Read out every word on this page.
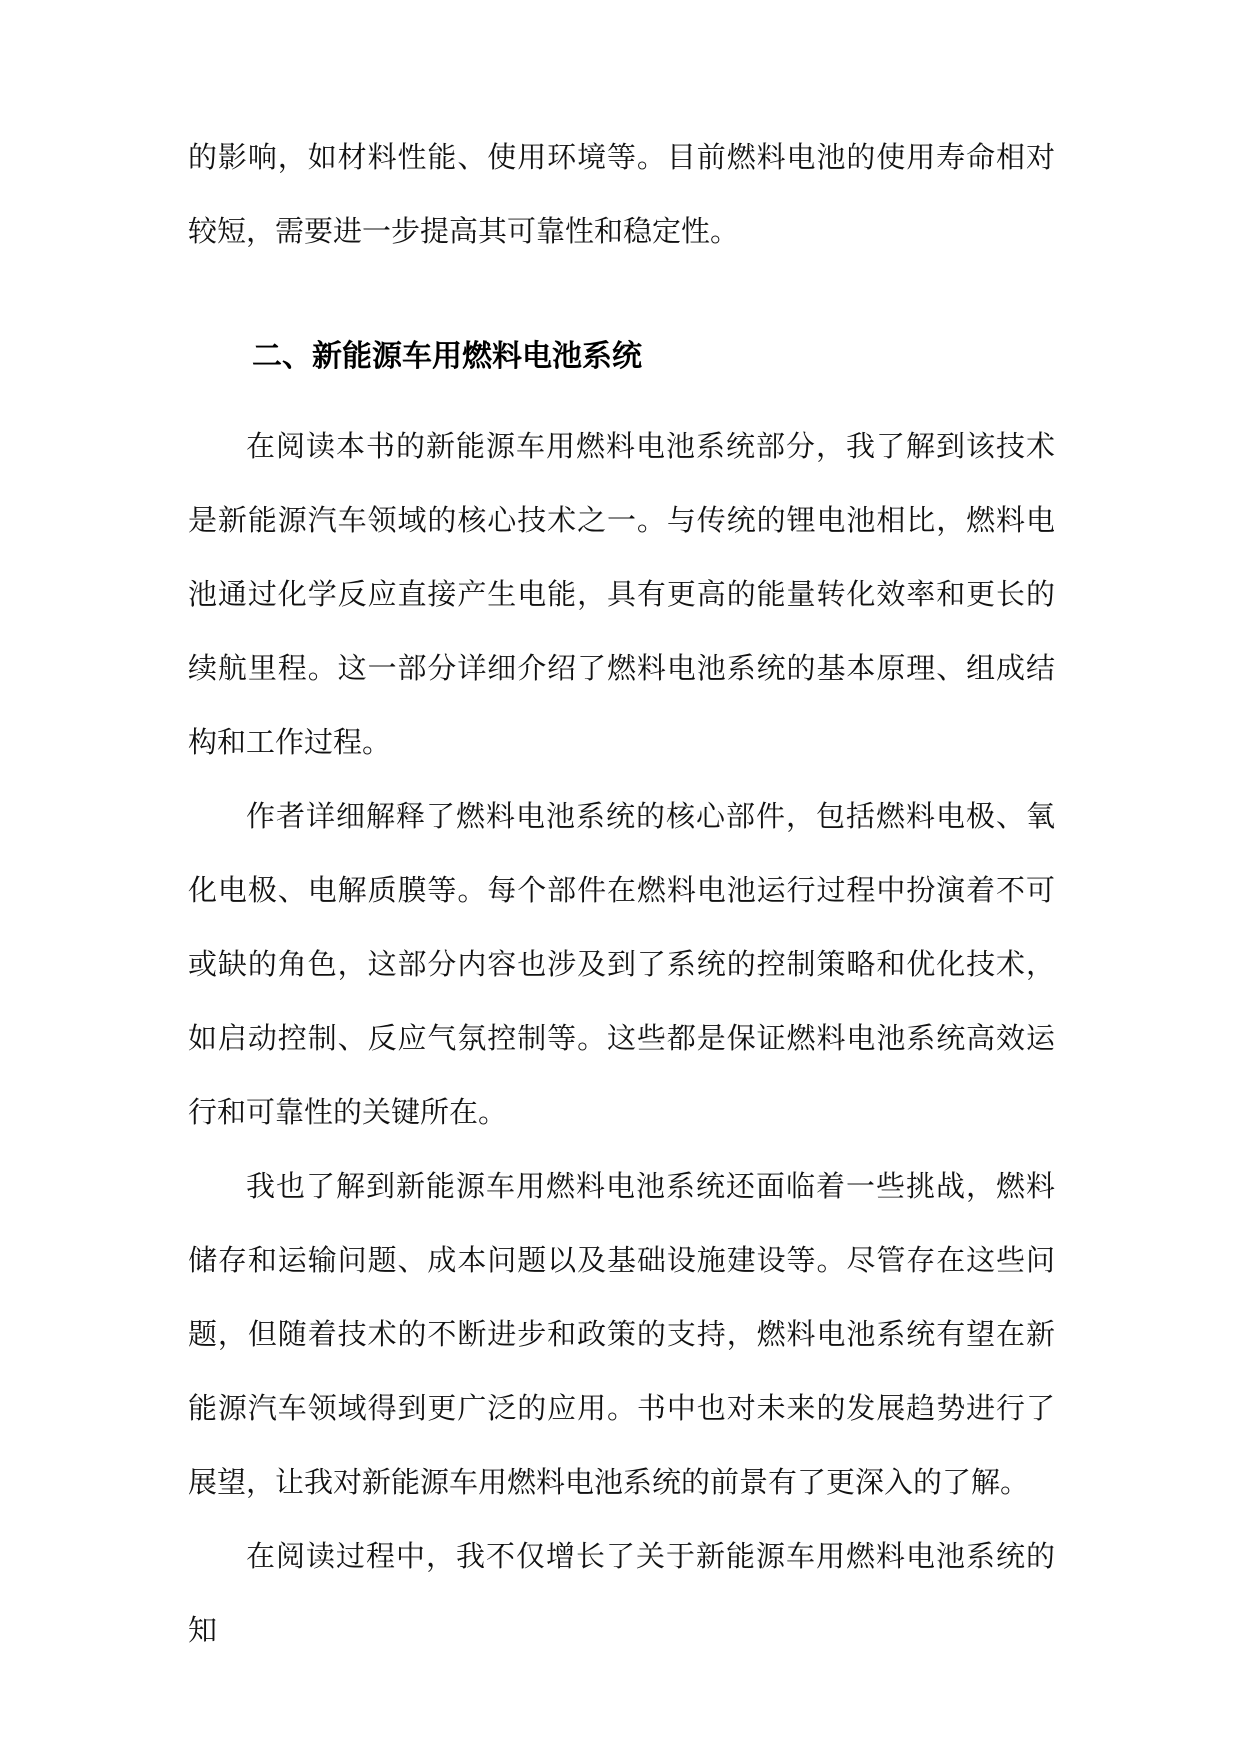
的影响，如材料性能、使用环境等。目前燃料电池的使用寿命相对较短，需要进一步提高其可靠性和稳定性。

二、新能源车用燃料电池系统

在阅读本书的新能源车用燃料电池系统部分，我了解到该技术是新能源汽车领域的核心技术之一。与传统的锂电池相比，燃料电池通过化学反应直接产生电能，具有更高的能量转化效率和更长的续航里程。这一部分详细介绍了燃料电池系统的基本原理、组成结构和工作过程。

作者详细解释了燃料电池系统的核心部件，包括燃料电极、氧化电极、电解质膜等。每个部件在燃料电池运行过程中扮演着不可或缺的角色，这部分内容也涉及到了系统的控制策略和优化技术，如启动控制、反应气氛控制等。这些都是保证燃料电池系统高效运行和可靠性的关键所在。

我也了解到新能源车用燃料电池系统还面临着一些挑战，燃料储存和运输问题、成本问题以及基础设施建设等。尽管存在这些问题，但随着技术的不断进步和政策的支持，燃料电池系统有望在新能源汽车领域得到更广泛的应用。书中也对未来的发展趋势进行了展望，让我对新能源车用燃料电池系统的前景有了更深入的了解。

在阅读过程中，我不仅增长了关于新能源车用燃料电池系统的知
